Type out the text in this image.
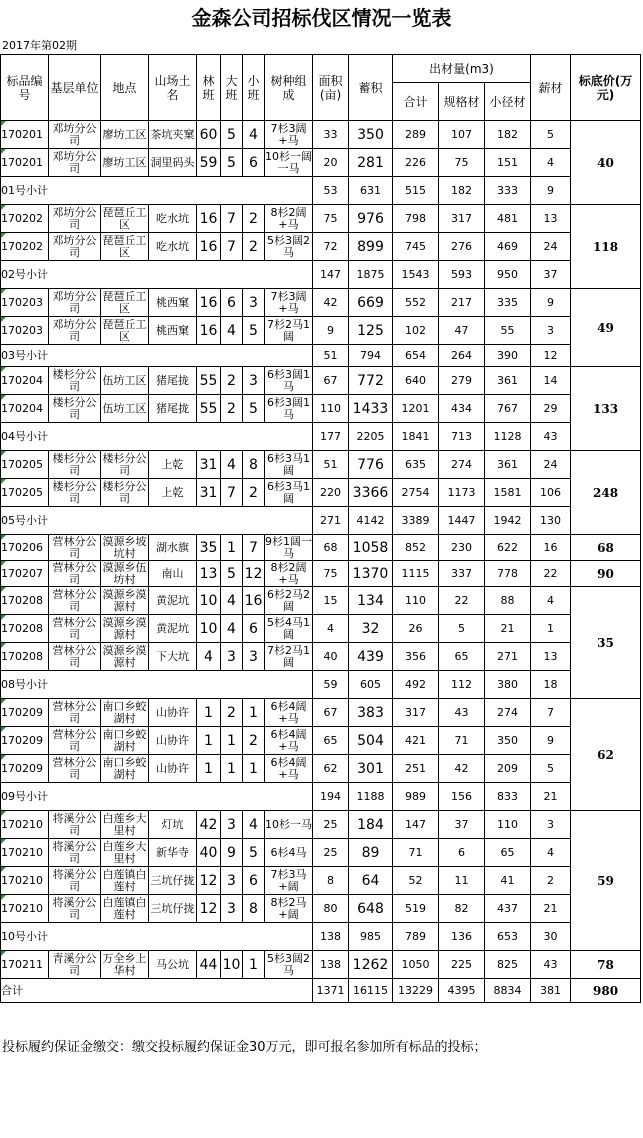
金森公司招标伐区情况一览表
2017年第02期
标品编号	基层单位	地点	山场土名	林班	大班	小班	树种组成	面积(亩)	蓄积	出材量(m3)			薪材	标底价(万元)
										合计	规格材	小径材		

170201	邓坊分公司	廖坊工区	茶坑夹窠	60	5	4	7杉3阔+马	33	350	289	107	182	5	40

170201	邓坊分公司	廖坊工区	洞里码头	59	5	6	10杉一阔一马	20	281	226	75	151	4	
01号小计								53	631	515	182	333	9	

170202	邓坊分公司	琵琶丘工区	吃水坑	16	7	2	8杉2阔+马	75	976	798	317	481	13	118

170202	邓坊分公司	琵琶丘工区	吃水坑	16	7	2	5杉3阔2马	72	899	745	276	469	24	
02号小计								147	1875	1543	593	950	37	

170203	邓坊分公司	琵琶丘工区	桃西窠	16	6	3	7杉3阔+马	42	669	552	217	335	9	49

170203	邓坊分公司	琵琶丘工区	桃西窠	16	4	5	7杉2马1阔	9	125	102	47	55	3	
03号小计								51	794	654	264	390	12	

170204	楼杉分公司	伍坊工区	猪尾拢	55	2	3	6杉3阔1马	67	772	640	279	361	14	133

170204	楼杉分公司	伍坊工区	猪尾拢	55	2	5	6杉3阔1马	110	1433	1201	434	767	29	
04号小计								177	2205	1841	713	1128	43	

170205	楼杉分公司	楼杉分公司	上乾	31	4	8	6杉3马1阔	51	776	635	274	361	24	248

170205	楼杉分公司	楼杉分公司	上乾	31	7	2	6杉3马1阔	220	3366	2754	1173	1581	106	
05号小计								271	4142	3389	1447	1942	130	

170206	营林分公司	漠源乡坡坑村	湖水旗	35	1	7	9杉1阔一马	68	1058	852	230	622	16	68

170207	营林分公司	漠源乡伍坊村	南山	13	5	12	8杉2阔+马	75	1370	1115	337	778	22	90

170208	营林分公司	漠源乡漠源村	黄泥坑	10	4	16	6杉2马2阔	15	134	110	22	88	4	35

170208	营林分公司	漠源乡漠源村	黄泥坑	10	4	6	5杉4马1阔	4	32	26	5	21	1	

170208	营林分公司	漠源乡漠源村	下大坑	4	3	3	7杉2马1阔	40	439	356	65	271	13	
08号小计								59	605	492	112	380	18	

170209	营林分公司	南口乡蛟湖村	山协许	1	2	1	6杉4阔+马	67	383	317	43	274	7	62

170209	营林分公司	南口乡蛟湖村	山协许	1	1	2	6杉4阔+马	65	504	421	71	350	9	

170209	营林分公司	南口乡蛟湖村	山协许	1	1	1	6杉4阔+马	62	301	251	42	209	5	
09号小计								194	1188	989	156	833	21	

170210	将溪分公司	白莲乡大里村	灯坑	42	3	4	10杉一马	25	184	147	37	110	3	59

170210	将溪分公司	白莲乡大里村	新华寺	40	9	5	6杉4马	25	89	71	6	65	4	

170210	将溪分公司	白莲镇白莲村	三坑仔拢	12	3	6	7杉3马+阔	8	64	52	11	41	2	

170210	将溪分公司	白莲镇白莲村	三坑仔拢	12	3	8	8杉2马+阔	80	648	519	82	437	21	
10号小计								138	985	789	136	653	30	

170211	青溪分公司	万全乡上华村	马公坑	44	10	1	5杉3阔2马	138	1262	1050	225	825	43	78
合计								1371	16115	13229	4395	8834	381	980
投标履约保证金缴交：缴交投标履约保证金30万元，即可报名参加所有标品的投标；
